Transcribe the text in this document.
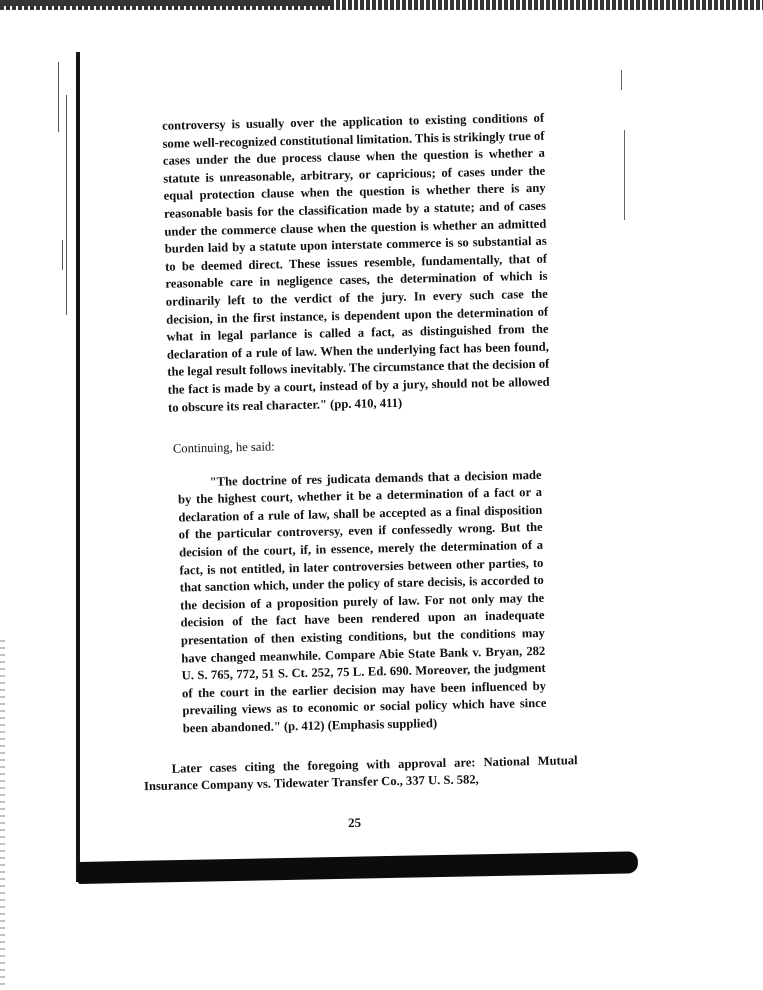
controversy is usually over the application to existing conditions of some well-recognized constitutional limitation. This is strikingly true of cases under the due process clause when the question is whether a statute is unreasonable, arbitrary, or capricious; of cases under the equal protection clause when the question is whether there is any reasonable basis for the classification made by a statute; and of cases under the commerce clause when the question is whether an admitted burden laid by a statute upon interstate commerce is so substantial as to be deemed direct. These issues resemble, fundamentally, that of reasonable care in negligence cases, the determination of which is ordinarily left to the verdict of the jury. In every such case the decision, in the first instance, is dependent upon the determination of what in legal parlance is called a fact, as distinguished from the declaration of a rule of law. When the underlying fact has been found, the legal result follows inevitably. The circumstance that the decision of the fact is made by a court, instead of by a jury, should not be allowed to obscure its real character." (pp. 410, 411)

Continuing, he said:

"The doctrine of res judicata demands that a decision made by the highest court, whether it be a determination of a fact or a declaration of a rule of law, shall be accepted as a final disposition of the particular controversy, even if confessedly wrong. But the decision of the court, if, in essence, merely the determination of a fact, is not entitled, in later controversies between other parties, to that sanction which, under the policy of stare decisis, is accorded to the decision of a proposition purely of law. For not only may the decision of the fact have been rendered upon an inadequate presentation of then existing conditions, but the conditions may have changed meanwhile. Compare Abie State Bank v. Bryan, 282 U. S. 765, 772, 51 S. Ct. 252, 75 L. Ed. 690. Moreover, the judgment of the court in the earlier decision may have been influenced by prevailing views as to economic or social policy which have since been abandoned." (p. 412) (Emphasis supplied)

Later cases citing the foregoing with approval are: National Mutual Insurance Company vs. Tidewater Transfer Co., 337 U. S. 582,

25
